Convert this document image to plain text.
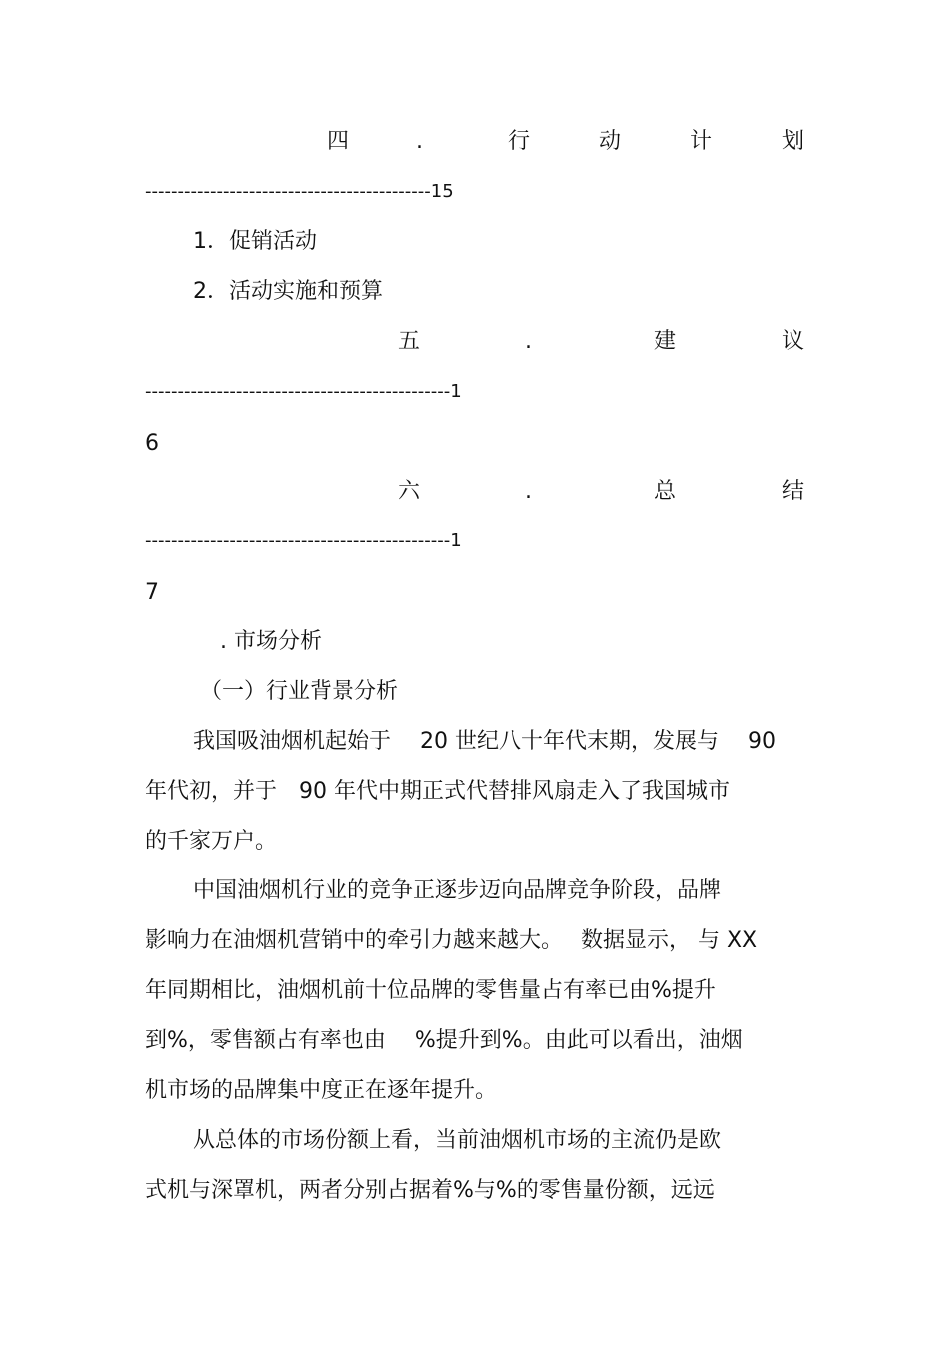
四	.	行	动	计	划
--------------------------------------------15
1．促销活动
2．活动实施和预算
五	.	建	议
-----------------------------------------------1
6
六	.	总	结
-----------------------------------------------1
7
. 市场分析
（一）行业背景分析
我国吸油烟机起始于　 20 世纪八十年代末期，发展与　 90
年代初，并于　90 年代中期正式代替排风扇走入了我国城市
的千家万户。
中国油烟机行业的竞争正逐步迈向品牌竞争阶段，品牌
影响力在油烟机营销中的牵引力越来越大。　 数据显示， 与 XX
年同期相比，油烟机前十位品牌的零售量占有率已由%提升
到%，零售额占有率也由　 %提升到%。由此可以看出，油烟
机市场的品牌集中度正在逐年提升。
从总体的市场份额上看，当前油烟机市场的主流仍是欧
式机与深罩机，两者分别占据着%与%的零售量份额，远远
